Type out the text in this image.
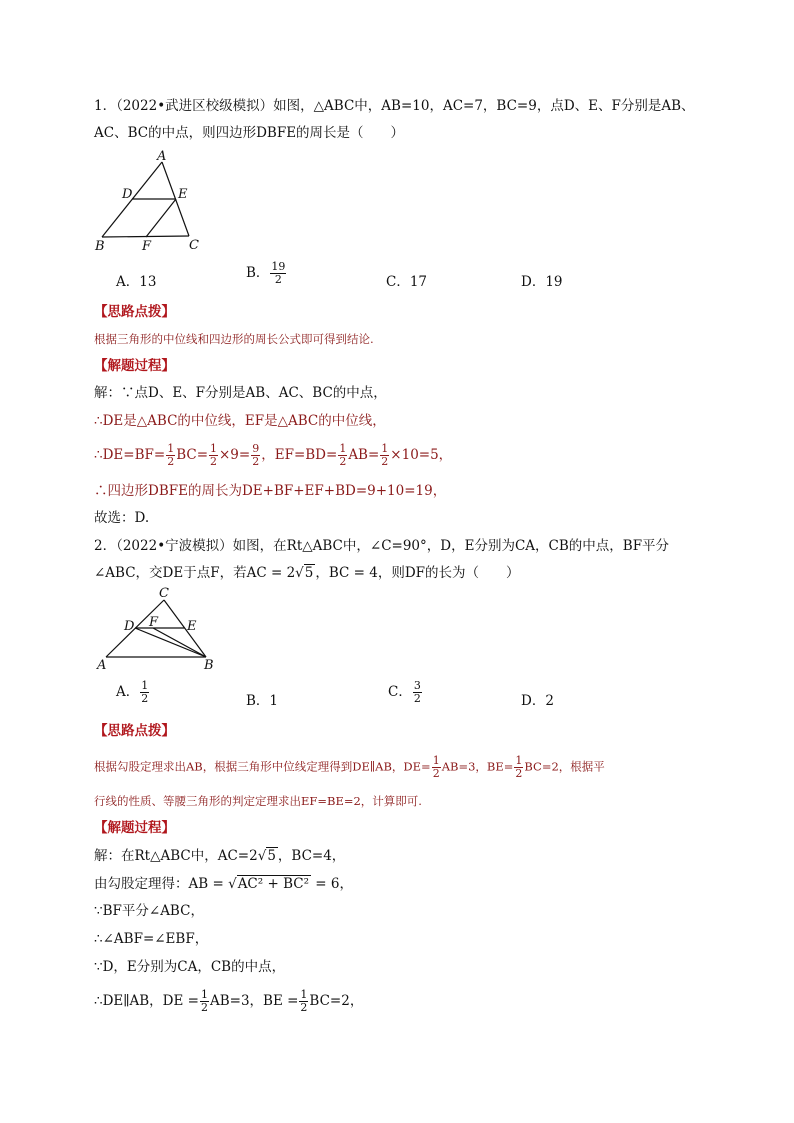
1．（2022•武进区校级模拟）如图，△ABC中，AB=10，AC=7，BC=9，点D、E、F分别是AB、
AC、BC的中点，则四边形DBFE的周长是（　　）
A
D	E
B	F	C
A．13
B． $\frac{19}{2}$	C．17	D．19
【思路点拨】
根据三角形的中位线和四边形的周长公式即可得到结论.
【解题过程】
解：∵点D、E、F分别是AB、AC、BC的中点，
∴DE是△ABC的中位线，EF是△ABC的中位线，
∴DE=BF= $\frac{1}{2} BC= \frac{1}{2} \times 9= \frac{9}{2}$ ，$EF=BD= \frac{1}{2} AB= \frac{1}{2} \times 10=5$，
∴四边形DBFE的周长为DE+BF+EF+BD=9+10=19，
故选：D.
2．（2022•宁波模拟）如图，在Rt△ABC中，∠C=90°，D，E分别为CA，CB的中点，BF平分
∠ABC，交DE于点F，若AC = 2√5 ，BC = 4，则DF的长为（　　）
C
D F E
A	B
A． $\frac{1}{2}$	B．1
C． $\frac{3}{2}$	D．2
【思路点拨】
根据勾股定理求出AB，根据三角形中位线定理得到DE∥AB，$DE= \frac{1}{2} AB=3$，$BE= \frac{1}{2} BC=2$，根据平
行线的性质、等腰三角形的判定定理求出EF=BE=2，计算即可.
【解题过程】
解：在Rt△ABC中，AC=2√5 ，BC=4，
由勾股定理得：AB = √AC² + BC² = 6，
∵BF平分∠ABC，
∴∠ABF=∠EBF，
∵D，E分别为CA，CB的中点，
∴DE∥AB，DE = $\frac{1}{2} AB=3$，BE = $\frac{1}{2} BC=2$，
